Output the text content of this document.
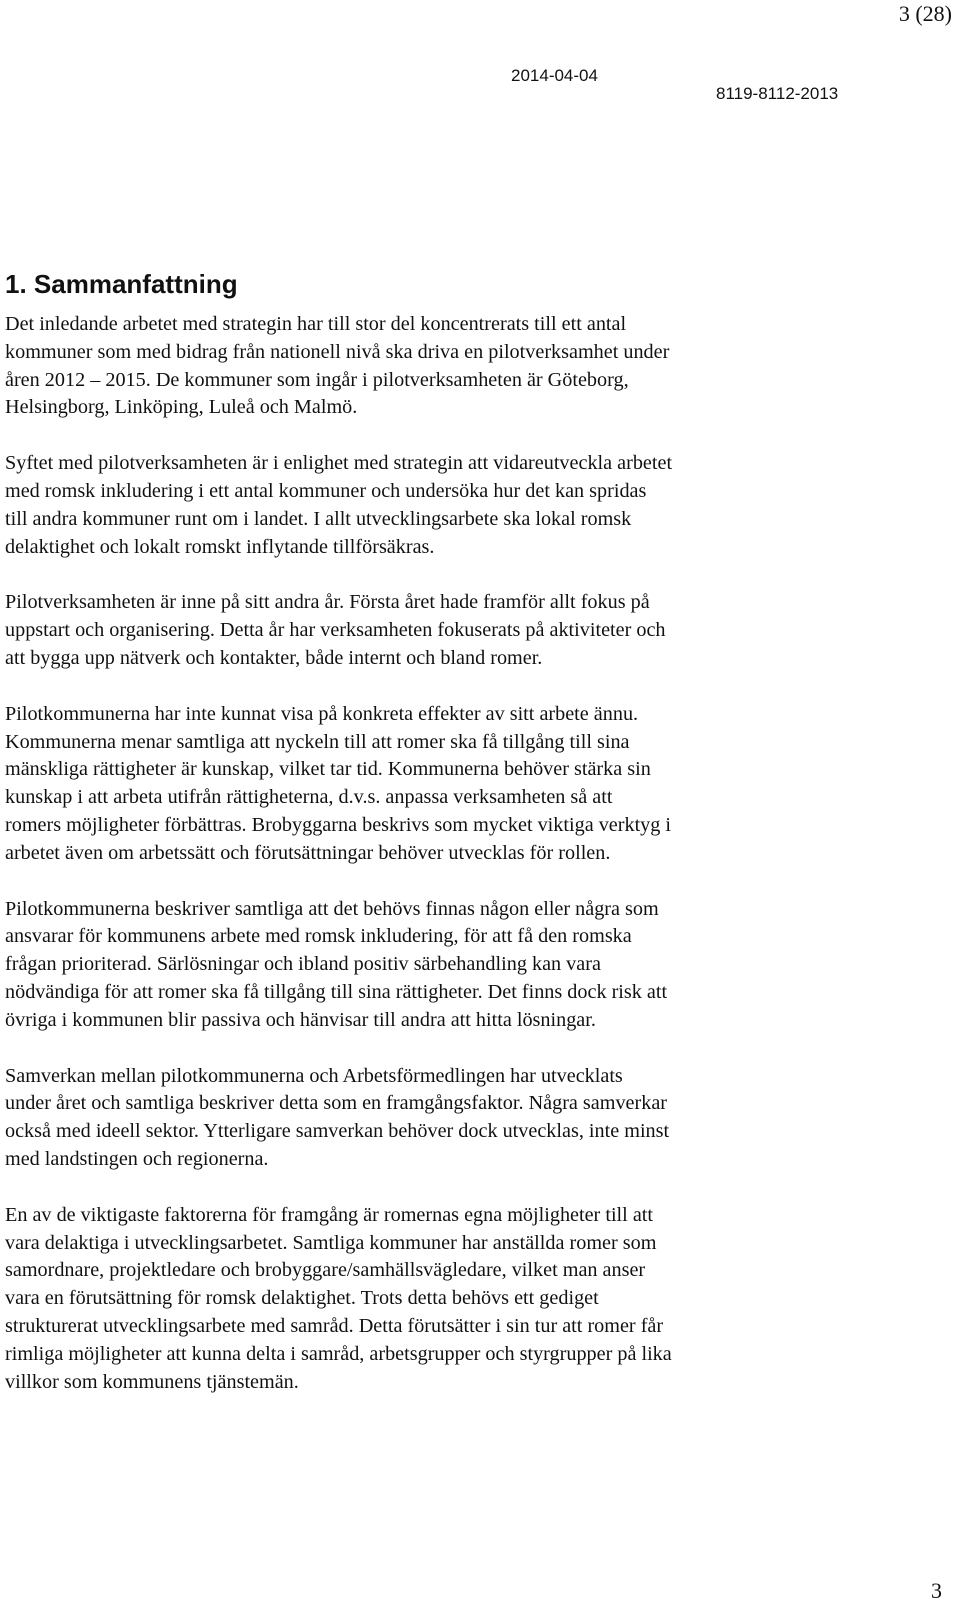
3 (28)
2014-04-04
8119-8112-2013
1. Sammanfattning

Det inledande arbetet med strategin har till stor del koncentrerats till ett antal
kommuner som med bidrag från nationell nivå ska driva en pilotverksamhet under
åren 2012 – 2015. De kommuner som ingår i pilotverksamheten är Göteborg,
Helsingborg, Linköping, Luleå och Malmö.

Syftet med pilotverksamheten är i enlighet med strategin att vidareutveckla arbetet
med romsk inkludering i ett antal kommuner och undersöka hur det kan spridas
till andra kommuner runt om i landet. I allt utvecklingsarbete ska lokal romsk
delaktighet och lokalt romskt inflytande tillförsäkras.

Pilotverksamheten är inne på sitt andra år. Första året hade framför allt fokus på
uppstart och organisering. Detta år har verksamheten fokuserats på aktiviteter och
att bygga upp nätverk och kontakter, både internt och bland romer.

Pilotkommunerna har inte kunnat visa på konkreta effekter av sitt arbete ännu.
Kommunerna menar samtliga att nyckeln till att romer ska få tillgång till sina
mänskliga rättigheter är kunskap, vilket tar tid. Kommunerna behöver stärka sin
kunskap i att arbeta utifrån rättigheterna, d.v.s. anpassa verksamheten så att
romers möjligheter förbättras. Brobyggarna beskrivs som mycket viktiga verktyg i
arbetet även om arbetssätt och förutsättningar behöver utvecklas för rollen.

Pilotkommunerna beskriver samtliga att det behövs finnas någon eller några som
ansvarar för kommunens arbete med romsk inkludering, för att få den romska
frågan prioriterad. Särlösningar och ibland positiv särbehandling kan vara
nödvändiga för att romer ska få tillgång till sina rättigheter. Det finns dock risk att
övriga i kommunen blir passiva och hänvisar till andra att hitta lösningar.

Samverkan mellan pilotkommunerna och Arbetsförmedlingen har utvecklats
under året och samtliga beskriver detta som en framgångsfaktor. Några samverkar
också med ideell sektor. Ytterligare samverkan behöver dock utvecklas, inte minst
med landstingen och regionerna.

En av de viktigaste faktorerna för framgång är romernas egna möjligheter till att
vara delaktiga i utvecklingsarbetet. Samtliga kommuner har anställda romer som
samordnare, projektledare och brobyggare/samhällsvägledare, vilket man anser
vara en förutsättning för romsk delaktighet. Trots detta behövs ett gediget
strukturerat utvecklingsarbete med samråd. Detta förutsätter i sin tur att romer får
rimliga möjligheter att kunna delta i samråd, arbetsgrupper och styrgrupper på lika
villkor som kommunens tjänstemän.

3
